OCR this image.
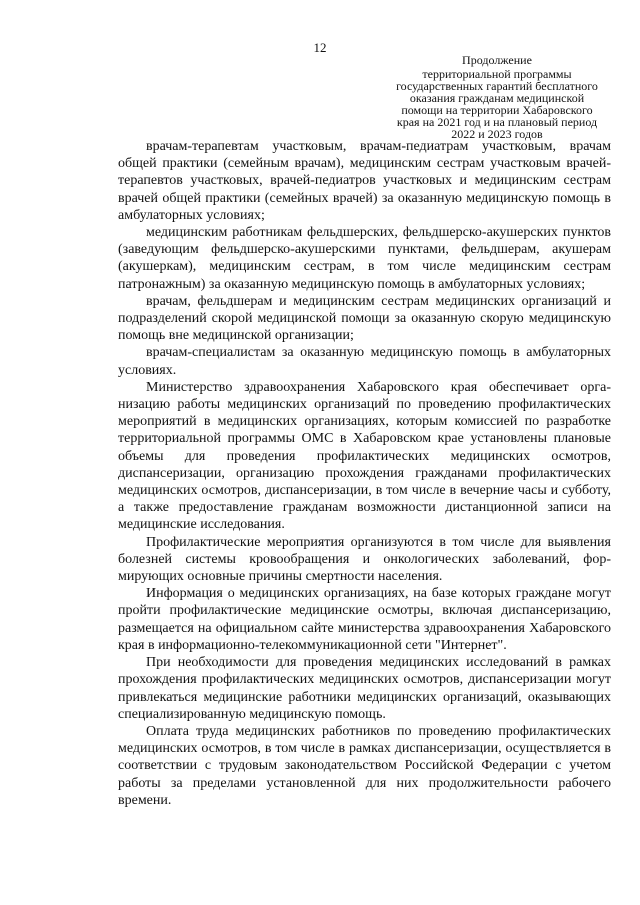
12
Продолжение
территориальной программы
государственных гарантий бесплатного
оказания гражданам медицинской
помощи на территории Хабаровского
края на 2021 год и на плановый период
2022 и 2023 годов

врачам-терапевтам участковым, врачам-педиатрам участковым, врачам общей практики (семейным врачам), медицинским сестрам участковым врачей-терапевтов участковых, врачей-педиатров участковых и медицинским сестрам врачей общей практики (семейных врачей) за оказанную медицинскую помощь в амбулаторных условиях;

медицинским работникам фельдшерских, фельдшерско-акушерских пунктов (заведующим фельдшерско-акушерскими пунктами, фельдшерам, акушерам (акушеркам), медицинским сестрам, в том числе медицинским сестрам патронажным) за оказанную медицинскую помощь в амбулаторных условиях;

врачам, фельдшерам и медицинским сестрам медицинских организаций и подразделений скорой медицинской помощи за оказанную скорую медицинскую помощь вне медицинской организации;

врачам-специалистам за оказанную медицинскую помощь в амбулаторных условиях.

Министерство здравоохранения Хабаровского края обеспечивает организацию работы медицинских организаций по проведению профилактических мероприятий в медицинских организациях, которым комиссией по разработке территориальной программы ОМС в Хабаровском крае установлены плановые объемы для проведения профилактических медицинских осмотров, диспансеризации, организацию прохождения гражданами профилактических медицинских осмотров, диспансеризации, в том числе в вечерние часы и субботу, а также предоставление гражданам возможности дистанционной записи на медицинские исследования.

Профилактические мероприятия организуются в том числе для выявления болезней системы кровообращения и онкологических заболеваний, формирующих основные причины смертности населения.

Информация о медицинских организациях, на базе которых граждане могут пройти профилактические медицинские осмотры, включая диспансеризацию, размещается на официальном сайте министерства здравоохранения Хабаровского края в информационно-телекоммуникационной сети "Интернет".

При необходимости для проведения медицинских исследований в рамках прохождения профилактических медицинских осмотров, диспансеризации могут привлекаться медицинские работники медицинских организаций, оказывающих специализированную медицинскую помощь.

Оплата труда медицинских работников по проведению профилактических медицинских осмотров, в том числе в рамках диспансеризации, осуществляется в соответствии с трудовым законодательством Российской Федерации с учетом работы за пределами установленной для них продолжительности рабочего времени.
